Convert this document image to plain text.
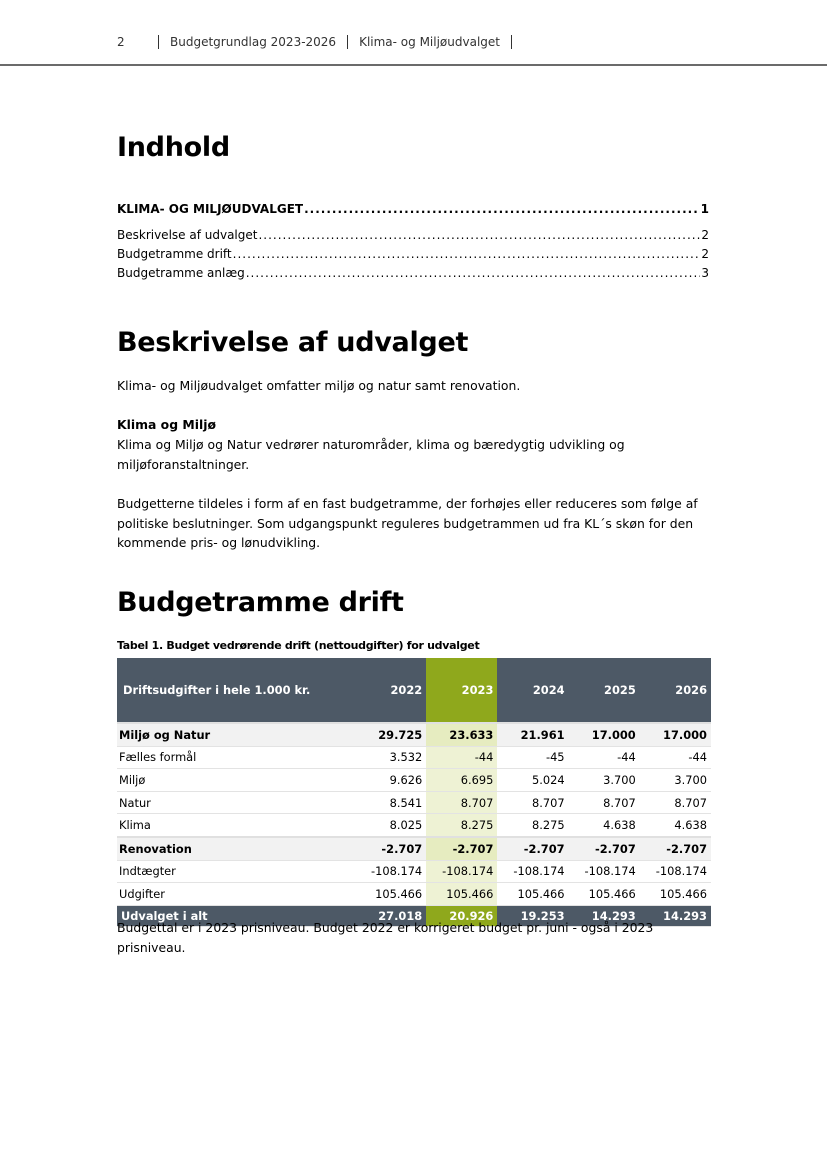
2	Budgetgrundlag 2023-2026 Klima- og Miljøudvalget
Indhold
KLIMA- OG MILJØUDVALGET .....	1
Beskrivelse af udvalget .....	2
Budgetramme drift .....	2
Budgetramme anlæg .....	3
Beskrivelse af udvalget
Klima- og Miljøudvalget omfatter miljø og natur samt renovation.
Klima og Miljø
Klima og Miljø og Natur vedrører naturområder, klima og bæredygtig udvikling og miljøforanstaltninger.
Budgetterne tildeles i form af en fast budgetramme, der forhøjes eller reduceres som følge af politiske beslutninger. Som udgangspunkt reguleres budgetrammen ud fra KL´s skøn for den kommende pris- og lønudvikling.
Budgetramme drift
Tabel 1. Budget vedrørende drift (nettoudgifter) for udvalget
Driftsudgifter i hele 1.000 kr.	2022	2023	2024	2025	2026
Miljø og Natur	29.725	23.633	21.961	17.000	17.000
Fælles formål	3.532	-44	-45	-44	-44
Miljø	9.626	6.695	5.024	3.700	3.700
Natur	8.541	8.707	8.707	8.707	8.707
Klima	8.025	8.275	8.275	4.638	4.638
Renovation	-2.707	-2.707	-2.707	-2.707	-2.707
Indtægter	-108.174	-108.174	-108.174	-108.174	-108.174
Udgifter	105.466	105.466	105.466	105.466	105.466
Udvalget i alt	27.018	20.926	19.253	14.293	14.293
Budgettal er i 2023 prisniveau. Budget 2022 er korrigeret budget pr. juni - også i 2023 prisniveau.
